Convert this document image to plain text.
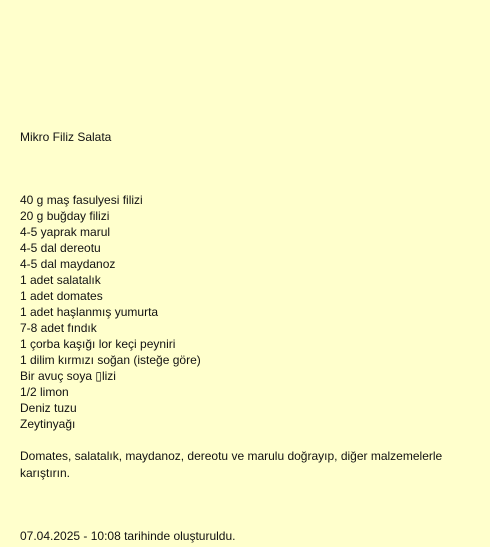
Mikro Filiz Salata
40 g maş fasulyesi filizi
20 g buğday filizi
4-5 yaprak marul
4-5 dal dereotu
4-5 dal maydanoz
1 adet salatalık
1 adet domates
1 adet haşlanmış yumurta
7-8 adet fındık
1 çorba kaşığı lor keçi peyniri
1 dilim kırmızı soğan (isteğe göre)
Bir avuç soya ▯lizi
1/2 limon
Deniz tuzu
Zeytinyağı
Domates, salatalık, maydanoz, dereotu ve marulu doğrayıp, diğer malzemelerle karıştırın.
07.04.2025 - 10:08 tarihinde oluşturuldu.
